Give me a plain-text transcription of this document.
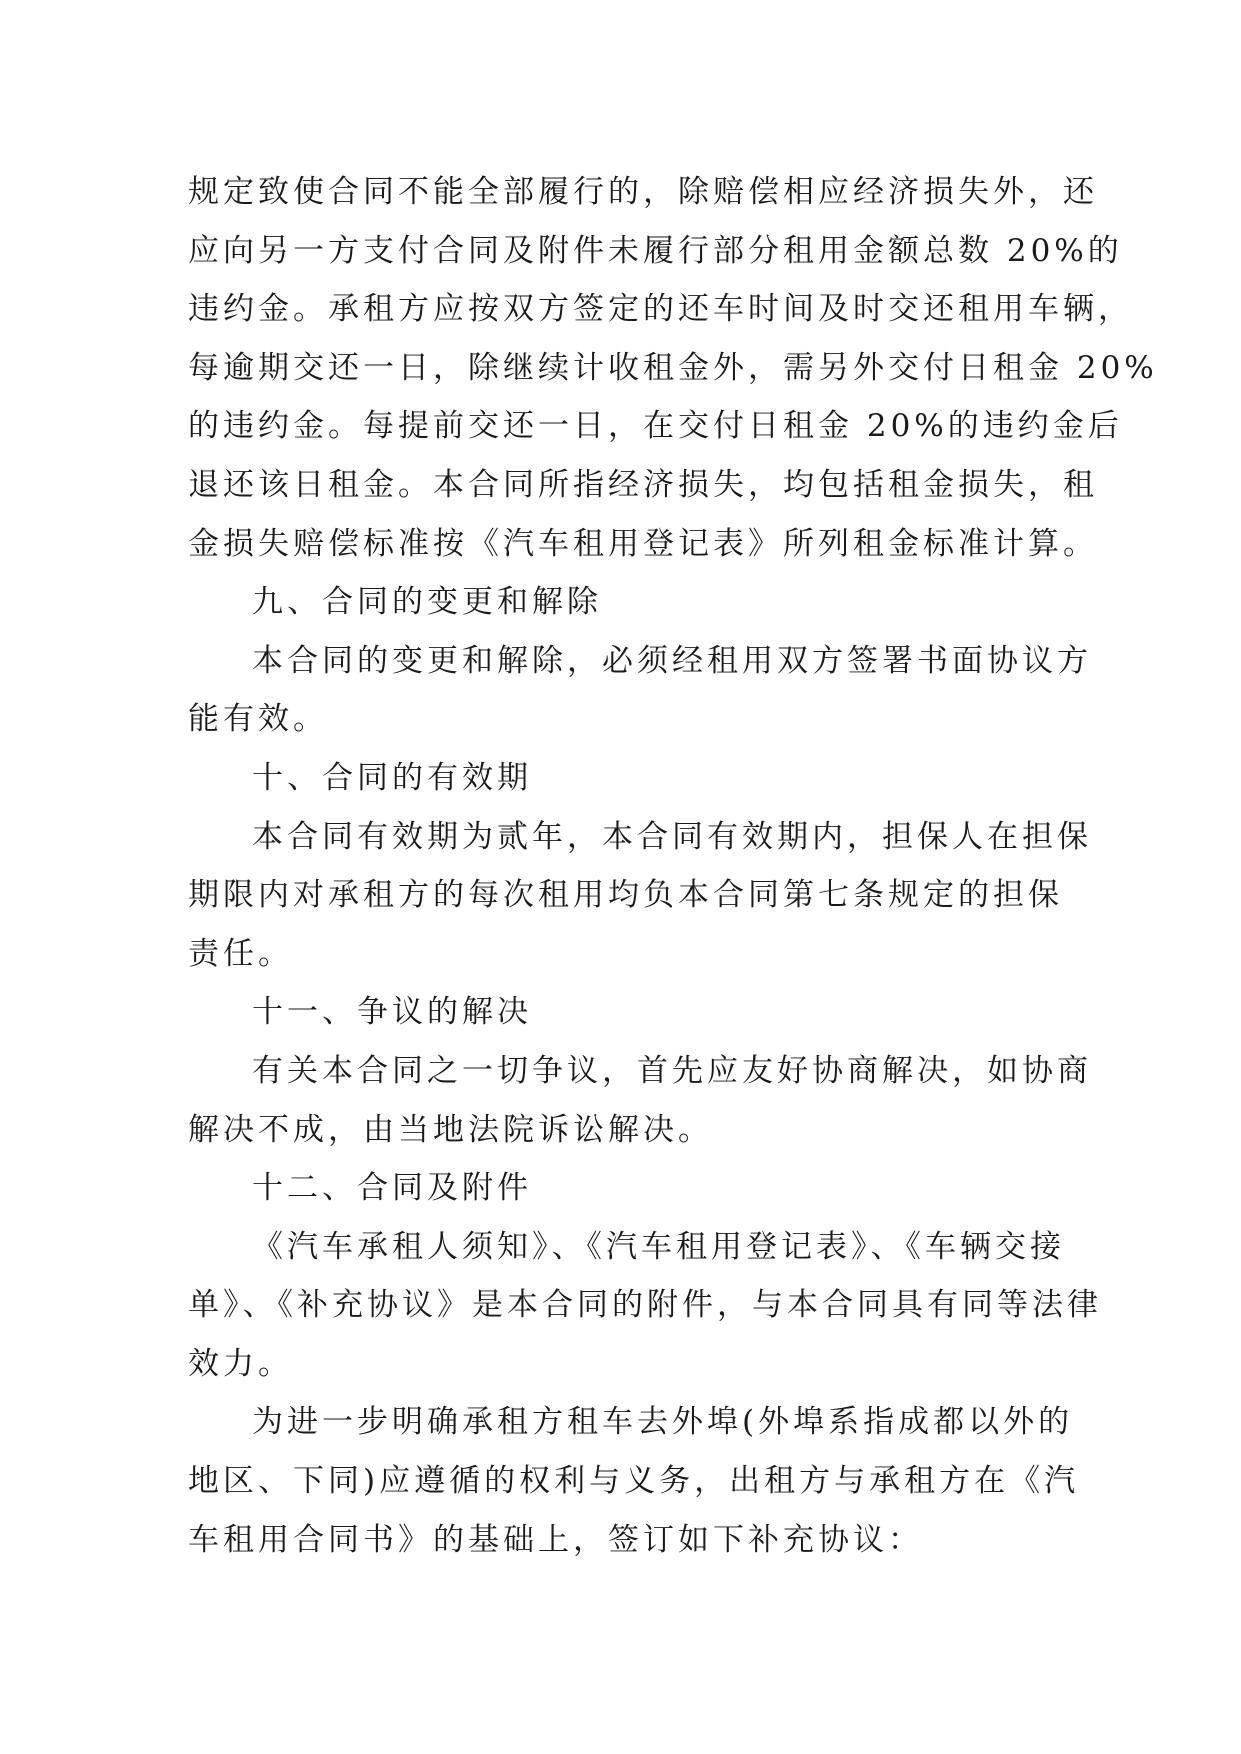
规定致使合同不能全部履行的，除赔偿相应经济损失外，还
应向另一方支付合同及附件未履行部分租用金额总数 20%的
违约金。承租方应按双方签定的还车时间及时交还租用车辆，
每逾期交还一日，除继续计收租金外，需另外交付日租金 20%
的违约金。每提前交还一日，在交付日租金 20%的违约金后
退还该日租金。本合同所指经济损失，均包括租金损失，租
金损失赔偿标准按《汽车租用登记表》所列租金标准计算。
九、合同的变更和解除
本合同的变更和解除，必须经租用双方签署书面协议方
能有效。
十、合同的有效期
本合同有效期为贰年，本合同有效期内，担保人在担保
期限内对承租方的每次租用均负本合同第七条规定的担保
责任。
十一、争议的解决
有关本合同之一切争议，首先应友好协商解决，如协商
解决不成，由当地法院诉讼解决。
十二、合同及附件
《汽车承租人须知》、《汽车租用登记表》、《车辆交接
单》、《补充协议》是本合同的附件，与本合同具有同等法律
效力。
为进一步明确承租方租车去外埠(外埠系指成都以外的
地区、下同)应遵循的权利与义务，出租方与承租方在《汽
车租用合同书》的基础上，签订如下补充协议：
